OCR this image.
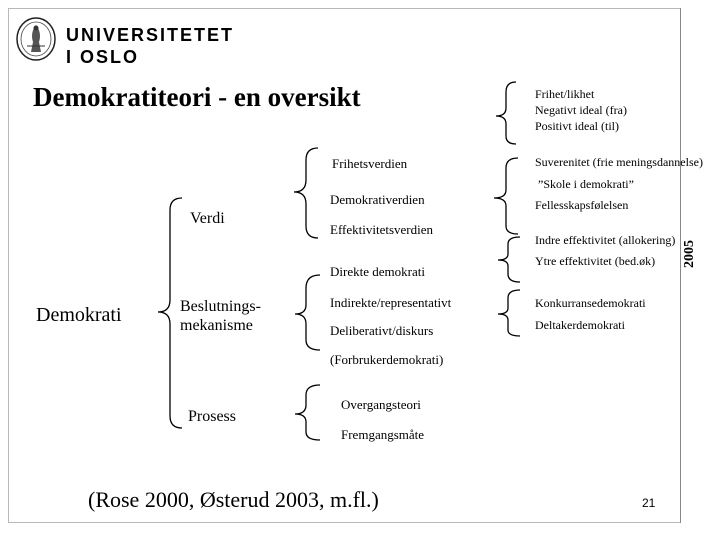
UNIVERSITETET
I OSLO
Demokratiteori - en oversikt
2005
Frihet/likhet
Negativt ideal (fra)
Positivt ideal (til)
Suverenitet (frie meningsdannelse)
”Skole i demokrati”
Fellesskapsfølelsen
Indre effektivitet (allokering)
Ytre effektivitet (bed.øk)
Konkurransedemokrati
Deltakerdemokrati
Frihetsverdien
Demokrativerdien
Effektivitetsverdien
Direkte demokrati
Indirekte/representativt
Deliberativt/diskurs
(Forbrukerdemokrati)
Overgangsteori
Fremgangsmåte
Verdi
Beslutnings-
mekanisme
Prosess
Demokrati
(Rose 2000, Østerud 2003, m.fl.)	21
